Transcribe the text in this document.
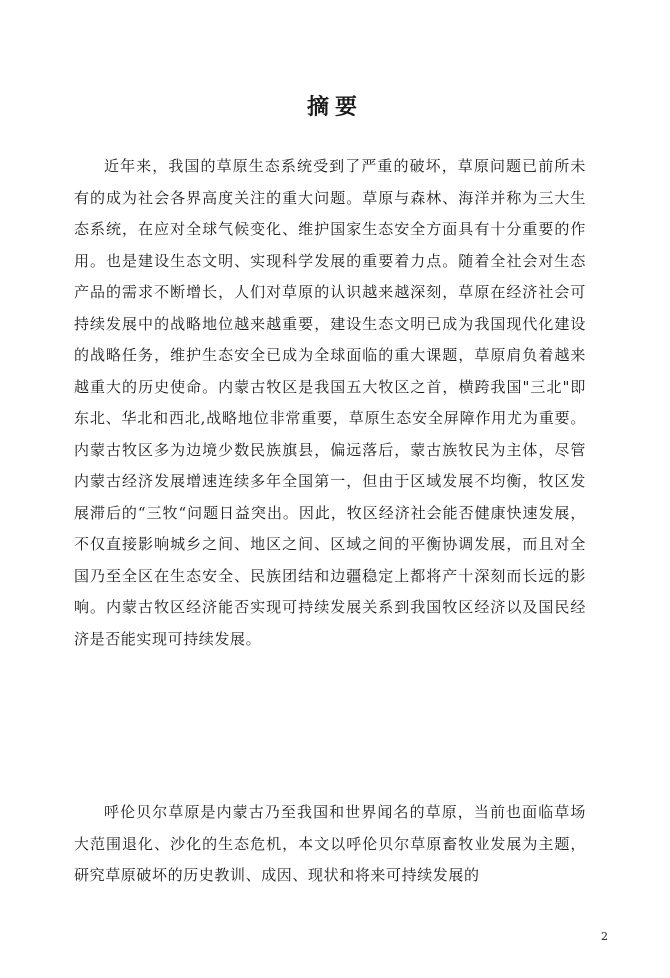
摘要

近年来，我国的草原生态系统受到了严重的破坏，草原问题已前所未有的成为社会各界高度关注的重大问题。草原与森林、海洋并称为三大生态系统，在应对全球气候变化、维护国家生态安全方面具有十分重要的作用。也是建设生态文明、实现科学发展的重要着力点。随着全社会对生态产品的需求不断增长，人们对草原的认识越来越深刻，草原在经济社会可持续发展中的战略地位越来越重要，建设生态文明已成为我国现代化建设的战略任务，维护生态安全已成为全球面临的重大课题，草原肩负着越来越重大的历史使命。内蒙古牧区是我国五大牧区之首，横跨我国"三北"即东北、华北和西北,战略地位非常重要，草原生态安全屏障作用尤为重要。内蒙古牧区多为边境少数民族旗县，偏远落后，蒙古族牧民为主体，尽管内蒙古经济发展增速连续多年全国第一，但由于区域发展不均衡，牧区发展滞后的“三牧“问题日益突出。因此，牧区经济社会能否健康快速发展，不仅直接影响城乡之间、地区之间、区域之间的平衡协调发展，而且对全国乃至全区在生态安全、民族团结和边疆稳定上都将产十深刻而长远的影响。内蒙古牧区经济能否实现可持续发展关系到我国牧区经济以及国民经济是否能实现可持续发展。

呼伦贝尔草原是内蒙古乃至我国和世界闻名的草原，当前也面临草场大范围退化、沙化的生态危机，本文以呼伦贝尔草原畜牧业发展为主题，研究草原破坏的历史教训、成因、现状和将来可持续发展的

2
